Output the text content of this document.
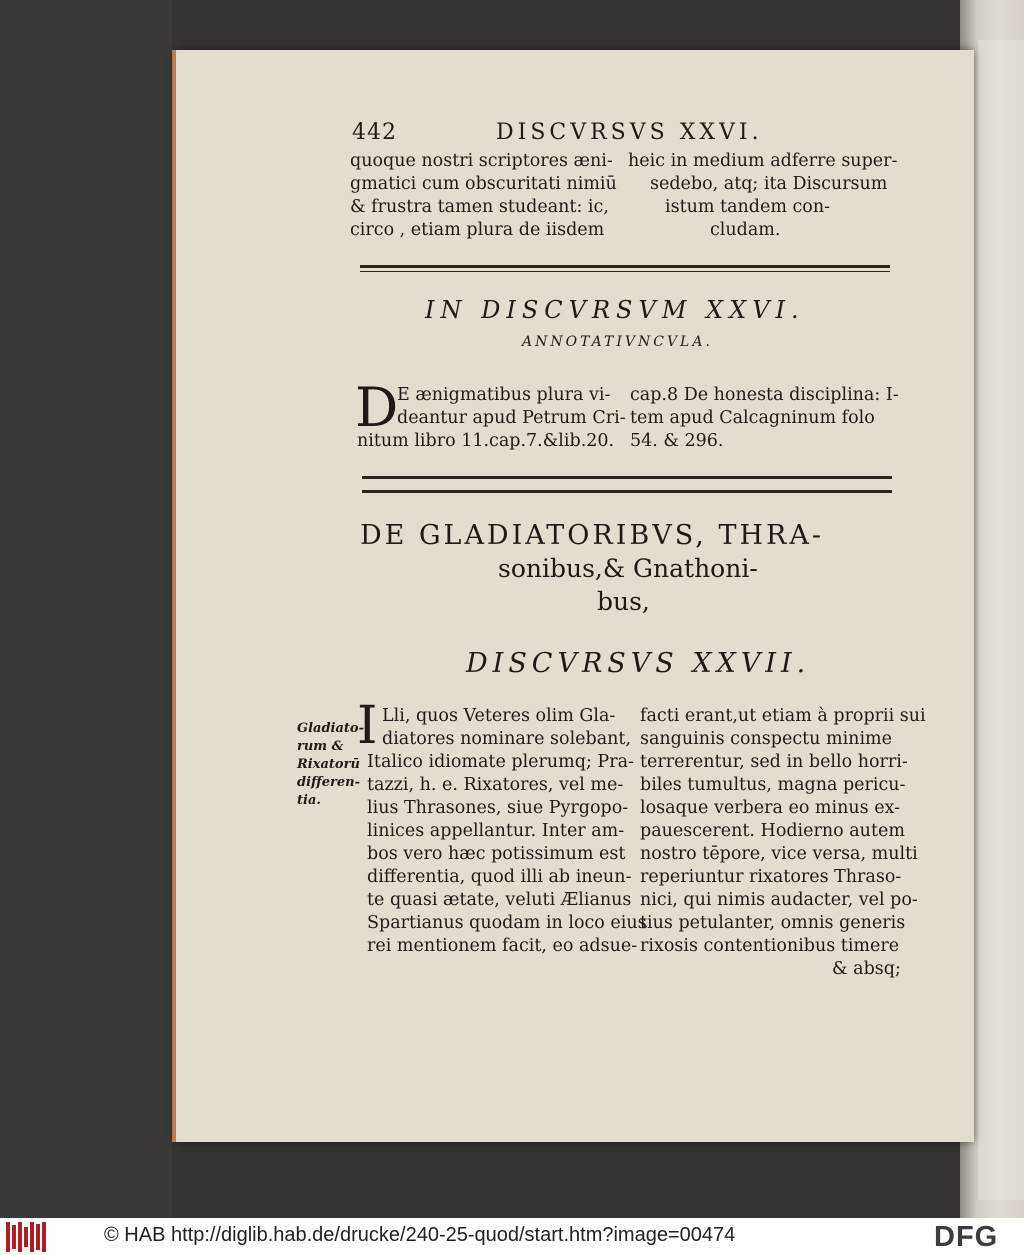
442	DISCVRSVS XXVI.
quoque nostri scriptores æni-
gmatici cum obscuritati nimiū
& frustra tamen studeant: ic,
circo , etiam plura de iisdem
heic in medium adferre super-
sedebo, atq; ita Discursum
istum tandem con-
cludam.
IN DISCVRSVM XXVI.
ANNOTATIVNCVLA.
D
E ænigmatibus plura vi-
deantur apud Petrum Cri-
nitum libro 11.cap.7.&lib.20.
cap.8 De honesta disciplina: I-
tem apud Calcagninum folo
54. & 296.
DE GLADIATORIBVS, THRA-
sonibus,& Gnathoni-
bus,
DISCVRSVS XXVII.
Gladiato-
rum &
Rixatorū
differen-
tia.
I Lli, quos Veteres olim Gla-
diatores nominare solebant,
Italico idiomate plerumq; Pra-
tazzi, h. e. Rixatores, vel me-
lius Thrasones, siue Pyrgopo-
linices appellantur. Inter am-
bos vero hæc potissimum est
differentia, quod illi ab ineun-
te quasi ætate, veluti Ælianus
Spartianus quodam in loco eius
rei mentionem facit, eo adsue-
facti erant,ut etiam à proprii sui
sanguinis conspectu minime
terrerentur, sed in bello horri-
biles tumultus, magna pericu-
losaque verbera eo minus ex-
pauescerent. Hodierno autem
nostro tēpore, vice versa, multi
reperiuntur rixatores Thraso-
nici, qui nimis audacter, vel po-
tius petulanter, omnis generis
rixosis contentionibus timere
& absq;
© HAB http://diglib.hab.de/drucke/240-25-quod/start.htm?image=00474	DFG
